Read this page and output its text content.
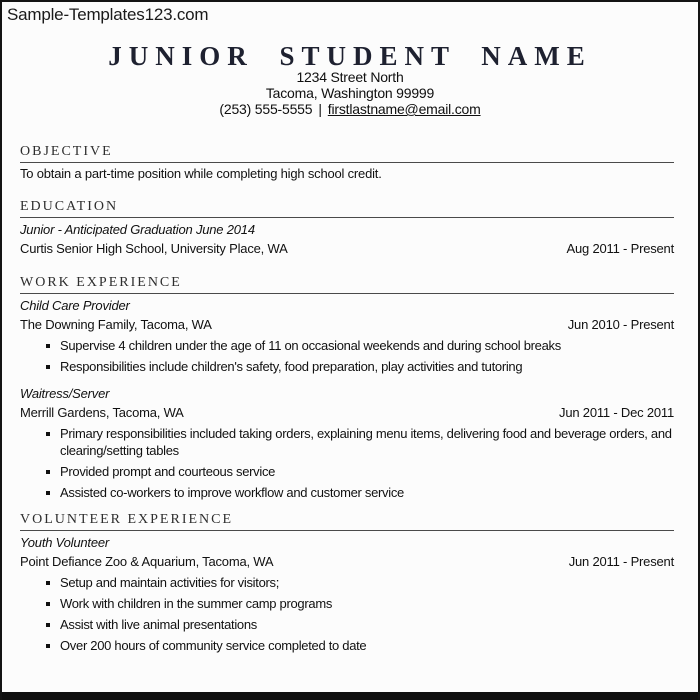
Sample-Templates123.com
JUNIOR STUDENT NAME
1234 Street North
Tacoma, Washington 99999
(253) 555-5555 | firstlastname@email.com
OBJECTIVE

To obtain a part-time position while completing high school credit.

EDUCATION

Junior - Anticipated Graduation June 2014

Curtis Senior High School, University Place, WA	Aug 2011 - Present
WORK EXPERIENCE

Child Care Provider

The Downing Family, Tacoma, WA	Jun 2010 - Present
Supervise 4 children under the age of 11 on occasional weekends and during school breaks
Responsibilities include children's safety, food preparation, play activities and tutoring

Waitress/Server

Merrill Gardens, Tacoma, WA	Jun 2011 - Dec 2011
Primary responsibilities included taking orders, explaining menu items, delivering food and beverage orders, and clearing/setting tables
Provided prompt and courteous service
Assisted co-workers to improve workflow and customer service
VOLUNTEER EXPERIENCE

Youth Volunteer

Point Defiance Zoo & Aquarium, Tacoma, WA	Jun 2011 - Present
Setup and maintain activities for visitors;
Work with children in the summer camp programs
Assist with live animal presentations
Over 200 hours of community service completed to date
